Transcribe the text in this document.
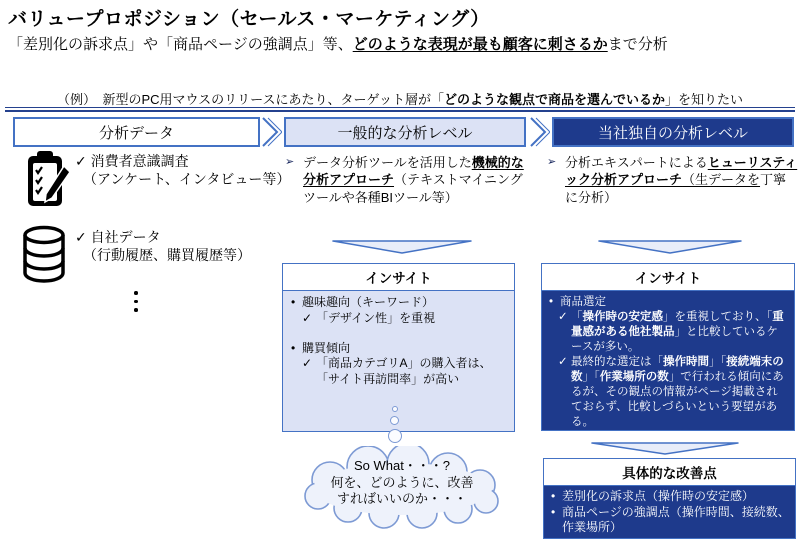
バリュープロポジション（セールス・マーケティング）
「差別化の訴求点」や「商品ページの強調点」等、どのような表現が最も顧客に刺さるかまで分析
（例）　新型のPC用マウスのリリースにあたり、ターゲット層が「どのような観点で商品を選んでいるか」を知りたい
分析データ	一般的な分析レベル	当社独自の分析レベル
✓ 消費者意識調査
（アンケート、インタビュー等）
✓ 自社データ
（行動履歴、購買履歴等）
➢ データ分析ツールを活用した機械的な分析アプローチ（テキストマイニングツールや各種BIツール等）
インサイト
• 趣味趣向（キーワード）
✓ 「デザイン性」を重視
• 購買傾向
✓ 「商品カテゴリA」の購入者は、「サイト再訪問率」が高い
So What・・・?
何を、どのように、改善
すればいいのか・・・
➢ 分析エキスパートによるヒューリスティック分析アプローチ（生データを丁寧に分析）
インサイト
• 商品選定
✓ 「操作時の安定感」を重視しており、「重量感がある他社製品」と比較しているケースが多い。
✓ 最終的な選定は「操作時間」「接続端末の数」「作業場所の数」で行われる傾向にあるが、その観点の情報がページ掲載されておらず、比較しづらいという要望がある。
具体的な改善点
• 差別化の訴求点（操作時の安定感）
• 商品ページの強調点（操作時間、接続数、作業場所）
